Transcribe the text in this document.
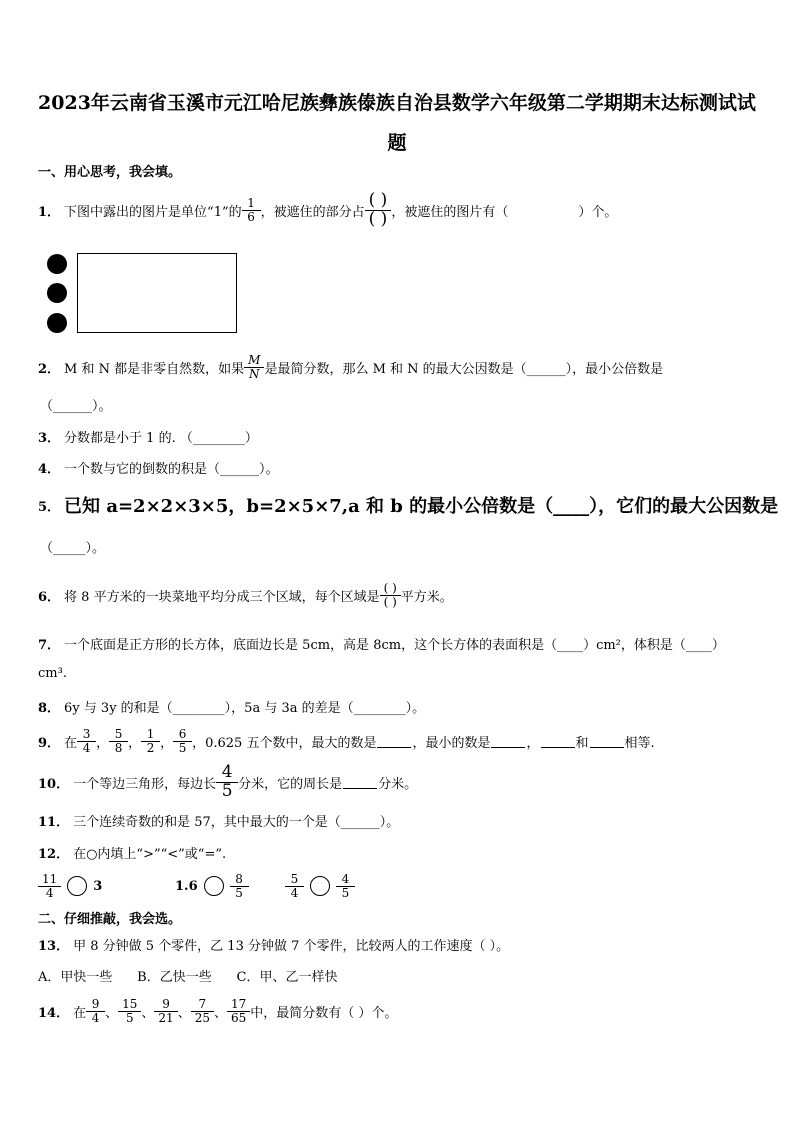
2023年云南省玉溪市元江哈尼族彝族傣族自治县数学六年级第二学期期末达标测试试
题
一、用心思考，我会填。
1． 下图中露出的图片是单位“1”的 $\frac{1}{6}$ ，被遮住的部分占 $\frac{( )}{( )}$ ，被遮住的图片有（	）个。
2． M 和 N 都是非零自然数，如果 $\frac{M}{N}$ 是最简分数，那么 M 和 N 的最大公因数是（______），最小公倍数是
（______）。
3． 分数都是小于 1 的. （________）
4． 一个数与它的倒数的积是（______）。
5． 已知 a=2×2×3×5，b=2×5×7,a 和 b 的最小公倍数是（____），它们的最大公因数是
（_____）。
6． 将 8 平方米的一块菜地平均分成三个区域，每个区域是 $\frac{( )}{( )}$ 平方米。
7． 一个底面是正方形的长方体，底面边长是 5cm，高是 8cm，这个长方体的表面积是（____）cm²，体积是（____）
cm³.
8． 6y 与 3y 的和是（________），5a 与 3a 的差是（________）。
9． 在 $\frac{3}{4}$ ， $\frac{5}{8}$ ， $\frac{1}{2}$ ， $\frac{6}{5}$ ，0.625 五个数中，最大的数是	，最小的数是	，	和	相等.
10． 一个等边三角形，每边长 $\frac{4}{5}$ 分米，它的周长是	分米。
11． 三个连续奇数的和是 57，其中最大的一个是（______）。
12． 在○内填上“>”“<”或“=”.
$\frac{11}{4}$	3	1.6	$\frac{8}{5}$	$\frac{5}{4}$	$\frac{4}{5}$
二、仔细推敲，我会选。
13． 甲 8 分钟做 5 个零件，乙 13 分钟做 7 个零件，比较两人的工作速度（ ）。
A．甲快一些      B．乙快一些      C．甲、乙一样快
14． 在 $\frac{9}{4}$ 、 $\frac{15}{5}$ 、 $\frac{9}{21}$ 、 $\frac{7}{25}$ 、 $\frac{17}{65}$ 中，最简分数有（ ）个。
